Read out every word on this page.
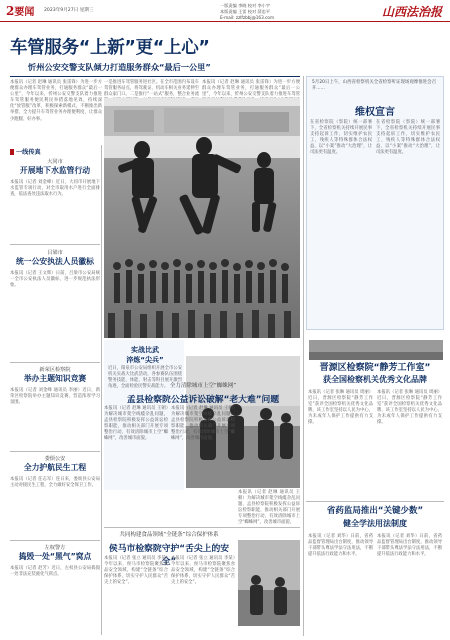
2要闻 2023年9月27日 星期三
一版责编 李晓 校对 李小宇
本版责编 王雷 校对 薛忠平
E-mail: zzlfzbbj@163.com	山西法治报
车管服务“上新”更“上心”
忻州公安交警支队倾力打造服务群众“最后一公里”
本报讯（记者 赵琳 通讯员 张雷锋）为进一步方便群众办理车驾管业务，打通服务群众“最后一公里”，今年以来，忻州公安交警支队着力推进车驾管服务便民利民举措落地见效，持续深化“放管服”改革，积极探索新模式，不断推出新举措，全力提升车驾管业务办理便利度，让群众少跑腿、好办事。
一是推进车驾管服务进社区。在全市范围内布设车驾管服务站点，将驾驶证、机动车相关业务延伸至群众家门口。二是推行“一站式”服务，整合业务流
本报讯（记者 赵琳 通讯员 张雷锋）为进一步方便群众办理车驾管业务，打通服务群众“最后一公里”，今年以来，忻州公安交警支队着力推进车驾管
一线传真
大同市
开展地下水监管行动
本报讯（记者 刘金峰）近日，大同市开展地下水监管专项行动，对全市取用水户进行全面排查，依法查处违法取水行为。
吕梁市
统一公安执法人员徽标
本报讯（记者 王文辉）日前，吕梁市公安局统一全市公安执法人员徽标，进一步规范执法形象。
新荣区检察院
举办主题知识竞赛
本报讯（记者 刘金峰 通讯员 李丽）近日，新荣区检察院举办主题知识竞赛，营造浓厚学习氛围。
娄烦公安
全力护航民生工程
本报讯（记者 任志军）连日来，娄烦县公安局主动对接民生工程，全力做好安全保卫工作。
左权警方
捣毁一处“黑气”窝点
本报讯（记者 赵芳）近日，左权县公安局捣毁一处非法充装液化气窝点。
实战比武
淬炼“尖兵”
近日，阳泉市公安局组织开展全市公安机关实战大比武活动，各参赛队伍围绕警务技能、体能、射击等科目展开激烈角逐，全面检验民警实战能力。
5月20日上午，山西省检察机关全省检察听证现场观摩推进会召开……
维权宣言
在省检察院（察院）统一部署下，全省检察机关持续开展民事支持起诉工作，切实维护农民工、残疾人等特殊群体合法权益，以“小案”推动“大治理”，让司法更有温度。
在省检察院（察院）统一部署下，全省检察机关持续开展民事支持起诉工作，切实维护农民工、残疾人等特殊群体合法权益，以“小案”推动“大治理”，让司法更有温度。
晋源区检察院“静芳工作室”
获全国检察机关优秀文化品牌
本报讯（记者 张琳 通讯员 周丽）近日，晋源区检察院“静芳工作室”获评全国检察机关优秀文化品牌，该工作室坚持以人民为中心，为未成年人保护工作提供有力支撑。
本报讯（记者 张琳 通讯员 周丽）近日，晋源区检察院“静芳工作室”获评全国检察机关优秀文化品牌，该工作室坚持以人民为中心，为未成年人保护工作提供有力支撑。
省药监局推出“关键少数”
健全学法用法制度
本报讯（记者 刘华）日前，省药品监督管理局出台制度，推动领导干部带头尊法学法守法用法，不断提升依法行政能力和水平。
本报讯（记者 刘华）日前，省药品监督管理局出台制度，推动领导干部带头尊法学法守法用法，不断提升依法行政能力和水平。
全力清除城市上空“蜘蛛网”
孟县检察院公益诉讼破解“老大难”问题
本报讯（记者 赵琳 通讯员 王朝）为解决城市架空线缆杂乱问题，孟县检察院积极发挥公益诉讼检察职能，推动相关部门开展专项整治行动，有效清除城市上空“蜘蛛网”，改善城市面貌。
本报讯（记者 赵琳 通讯员 王朝）为解决城市架空线缆杂乱问题，孟县检察院积极发挥公益诉讼检察职能，推动相关部门开展专项整治行动，有效清除城市上空“蜘蛛网”，改善城市面貌。
本报讯（记者 赵琳 通讯员 王朝）为解决城市架空线缆杂乱问题，孟县检察院积极发挥公益诉讼检察职能，推动相关部门开展专项整治行动，有效清除城市上空“蜘蛛网”，改善城市面貌。
共同构建食品领域“全链条”综合保护体系
侯马市检察院守护“舌尖上的安全”
本报讯（记者 张立 通讯员 李某）今年以来，侯马市检察院聚焦食品安全领域，构建“全链条”综合保护体系，切实守护人民群众“舌尖上的安全”。
本报讯（记者 张立 通讯员 李某）今年以来，侯马市检察院聚焦食品安全领域，构建“全链条”综合保护体系，切实守护人民群众“舌尖上的安全”。
